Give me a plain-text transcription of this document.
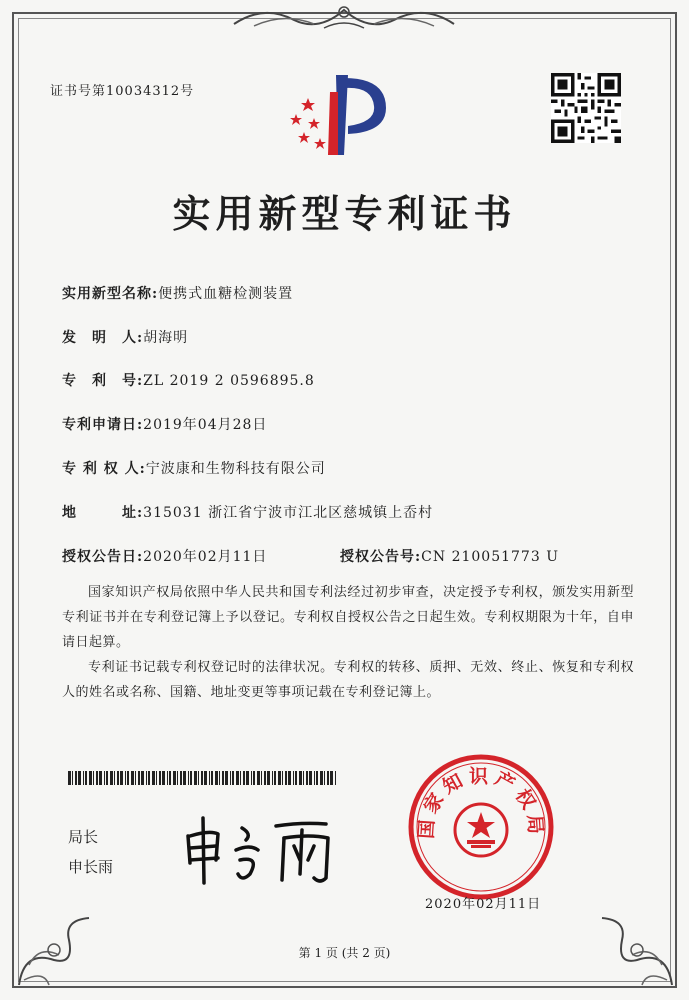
证书号第10034312号
实用新型专利证书
实用新型名称:便携式血糖检测装置
发　明　人:胡海明
专　利　号:ZL 2019 2 0596895.8
专利申请日:2019年04月28日
专 利 权 人:宁波康和生物科技有限公司
地　　　址:315031 浙江省宁波市江北区慈城镇上岙村
授权公告日:2020年02月11日	授权公告号:CN 210051773 U
国家知识产权局依照中华人民共和国专利法经过初步审查，决定授予专利权，颁发实用新型专利证书并在专利登记簿上予以登记。专利权自授权公告之日起生效。专利权期限为十年，自申请日起算。
专利证书记载专利权登记时的法律状况。专利权的转移、质押、无效、终止、恢复和专利权人的姓名或名称、国籍、地址变更等事项记载在专利登记簿上。
局长
申长雨
国家知识产权局
2020年02月11日
第 1 页 (共 2 页)
